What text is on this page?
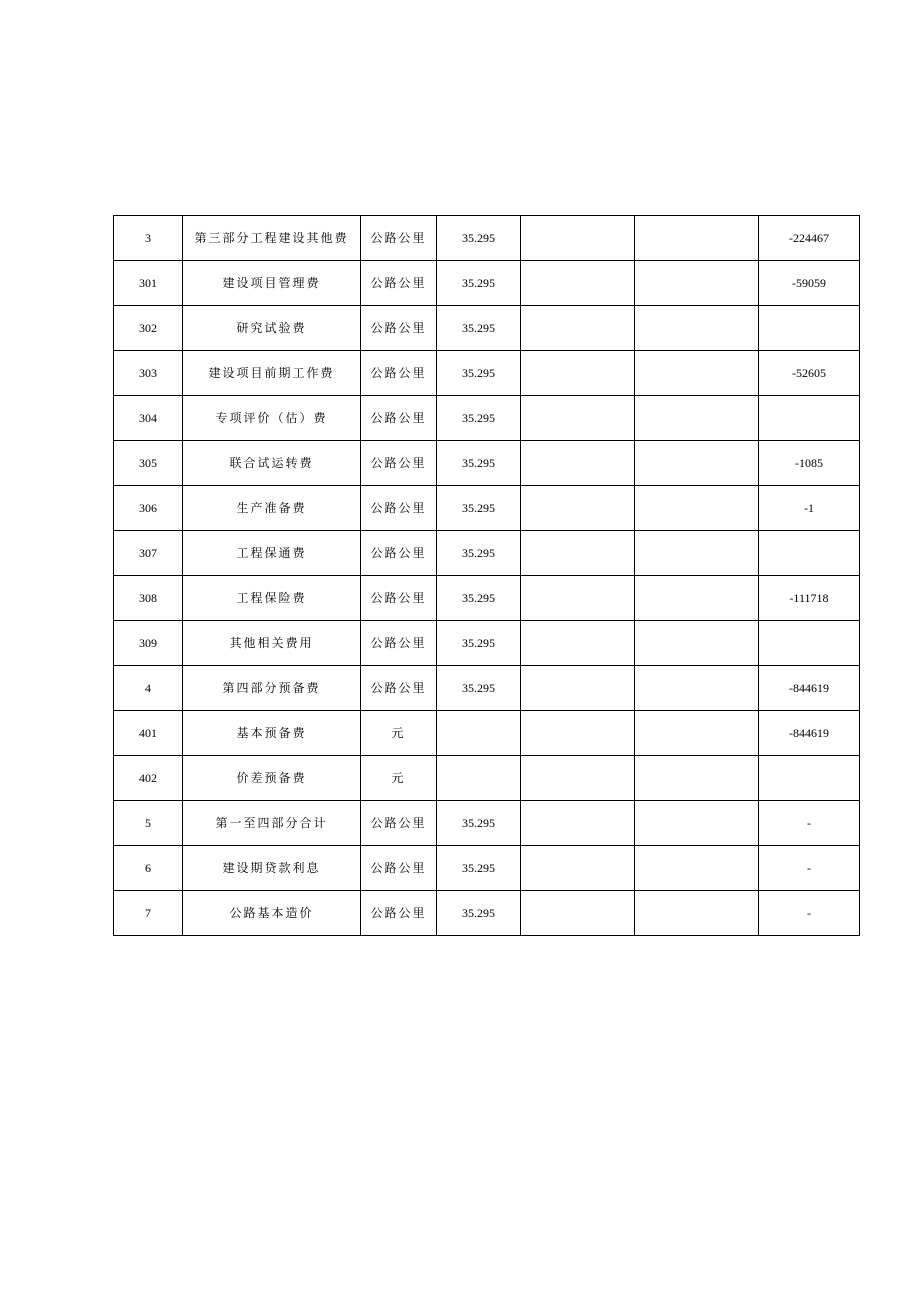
3	第三部分工程建设其他费	公路公里	35.295			-224467
301	建设项目管理费	公路公里	35.295			-59059
302	研究试验费	公路公里	35.295			
303	建设项目前期工作费	公路公里	35.295			-52605
304	专项评价（估）费	公路公里	35.295			
305	联合试运转费	公路公里	35.295			-1085
306	生产准备费	公路公里	35.295			-1
307	工程保通费	公路公里	35.295			
308	工程保险费	公路公里	35.295			-111718
309	其他相关费用	公路公里	35.295			
4	第四部分预备费	公路公里	35.295			-844619
401	基本预备费	元				-844619
402	价差预备费	元				
5	第一至四部分合计	公路公里	35.295			-
6	建设期贷款利息	公路公里	35.295			-
7	公路基本造价	公路公里	35.295			-
